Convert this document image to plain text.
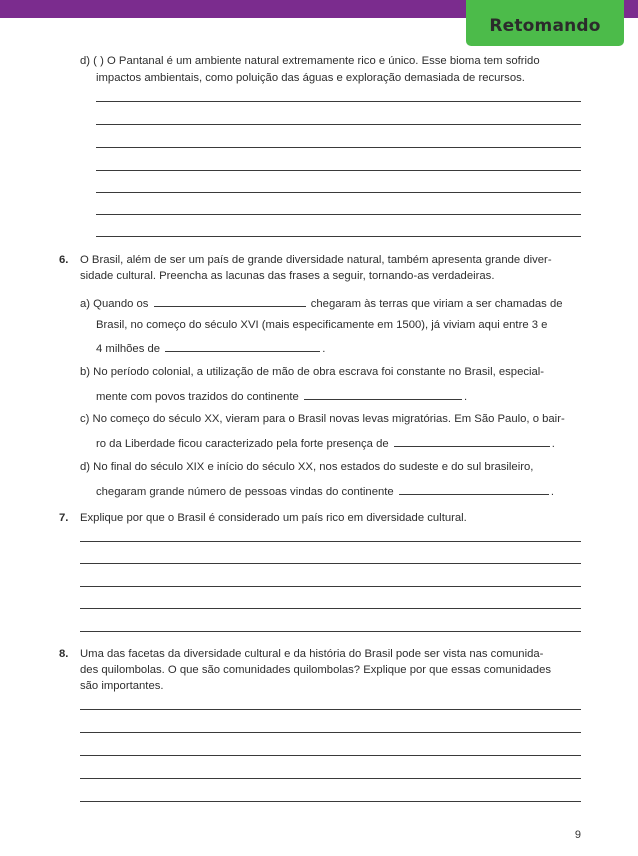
Retomando
d) ( ) O Pantanal é um ambiente natural extremamente rico e único. Esse bioma tem sofrido
impactos ambientais, como poluição das águas e exploração demasiada de recursos.
6. O Brasil, além de ser um país de grande diversidade natural, também apresenta grande diver-
sidade cultural. Preencha as lacunas das frases a seguir, tornando-as verdadeiras.
a) Quando os	chegaram às terras que viriam a ser chamadas de
Brasil, no começo do século XVI (mais especificamente em 1500), já viviam aqui entre 3 e
4 milhões de	.
b) No período colonial, a utilização de mão de obra escrava foi constante no Brasil, especial-
mente com povos trazidos do continente	.
c) No começo do século XX, vieram para o Brasil novas levas migratórias. Em São Paulo, o bair-
ro da Liberdade ficou caracterizado pela forte presença de	.
d) No final do século XIX e início do século XX, nos estados do sudeste e do sul brasileiro,
chegaram grande número de pessoas vindas do continente	.
7. Explique por que o Brasil é considerado um país rico em diversidade cultural.
8. Uma das facetas da diversidade cultural e da história do Brasil pode ser vista nas comunida-
des quilombolas. O que são comunidades quilombolas? Explique por que essas comunidades
são importantes.
9
